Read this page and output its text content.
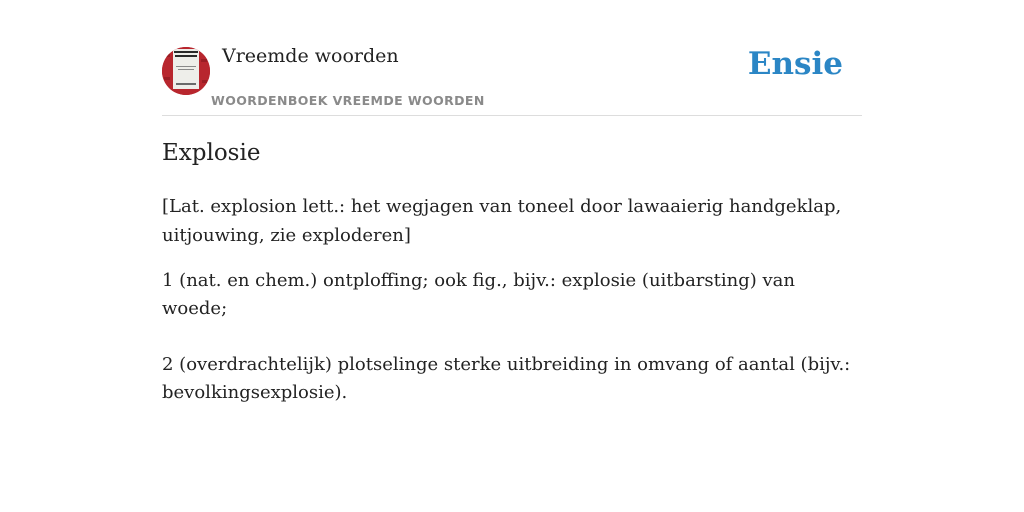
Vreemde woorden
WOORDENBOEK VREEMDE WOORDEN
Ensie
Explosie

[Lat. explosion lett.: het wegjagen van toneel door lawaaierig handgeklap, uitjouwing, zie exploderen]

1 (nat. en chem.) ontploffing; ook fig., bijv.: explosie (uitbarsting) van woede;
2 (overdrachtelijk) plotselinge sterke uitbreiding in omvang of aantal (bijv.: bevolkingsexplosie).
